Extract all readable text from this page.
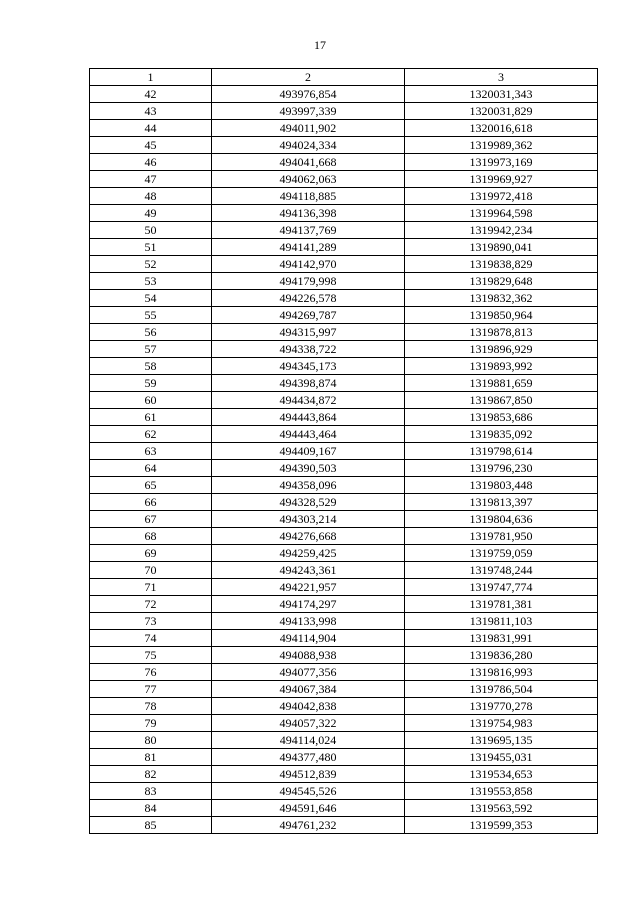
17
1	2	3
42	493976,854	1320031,343
43	493997,339	1320031,829
44	494011,902	1320016,618
45	494024,334	1319989,362
46	494041,668	1319973,169
47	494062,063	1319969,927
48	494118,885	1319972,418
49	494136,398	1319964,598
50	494137,769	1319942,234
51	494141,289	1319890,041
52	494142,970	1319838,829
53	494179,998	1319829,648
54	494226,578	1319832,362
55	494269,787	1319850,964
56	494315,997	1319878,813
57	494338,722	1319896,929
58	494345,173	1319893,992
59	494398,874	1319881,659
60	494434,872	1319867,850
61	494443,864	1319853,686
62	494443,464	1319835,092
63	494409,167	1319798,614
64	494390,503	1319796,230
65	494358,096	1319803,448
66	494328,529	1319813,397
67	494303,214	1319804,636
68	494276,668	1319781,950
69	494259,425	1319759,059
70	494243,361	1319748,244
71	494221,957	1319747,774
72	494174,297	1319781,381
73	494133,998	1319811,103
74	494114,904	1319831,991
75	494088,938	1319836,280
76	494077,356	1319816,993
77	494067,384	1319786,504
78	494042,838	1319770,278
79	494057,322	1319754,983
80	494114,024	1319695,135
81	494377,480	1319455,031
82	494512,839	1319534,653
83	494545,526	1319553,858
84	494591,646	1319563,592
85	494761,232	1319599,353
